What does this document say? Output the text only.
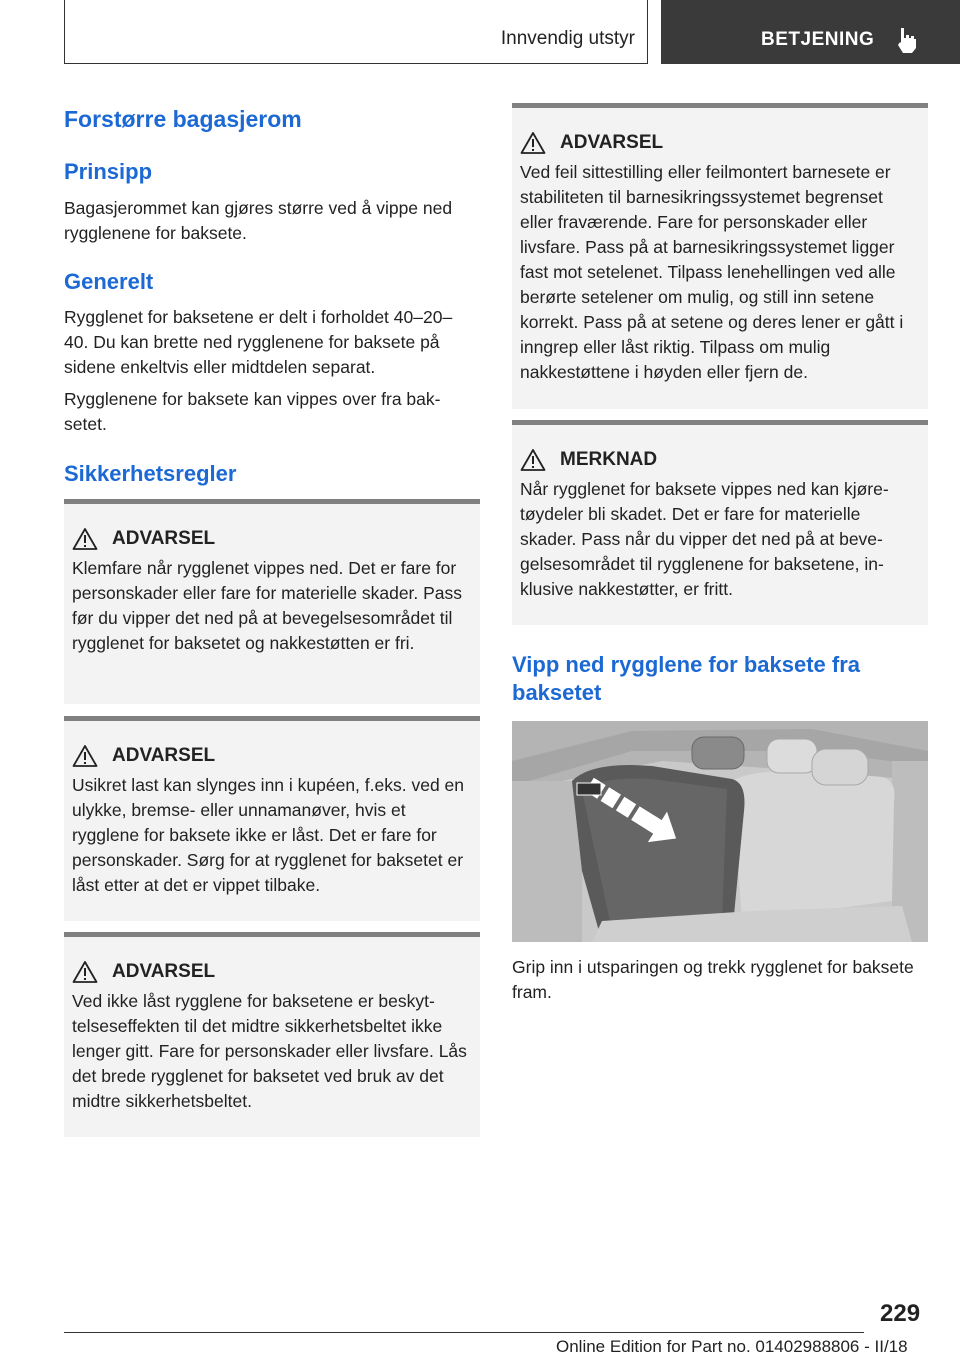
Innvendig utstyr	BETJENING
Forstørre bagasjerom
Prinsipp

Bagasjerommet kan gjøres større ved å vippe ned rygglenene for baksete.

Generelt

Rygglenet for baksetene er delt i forholdet 40–20–40. Du kan brette ned rygglenene for baksete på sidene enkeltvis eller midtdelen separat.

Rygglenene for baksete kan vippes over fra baksetet.

Sikkerhetsregler
ADVARSEL

Klemfare når rygglenet vippes ned. Det er fare for personskader eller fare for materielle skader. Pass før du vipper det ned på at bevegelsesområdet til rygglenet for baksetet og nakkestøtten er fri.

ADVARSEL

Usikret last kan slynges inn i kupéen, f.eks. ved en ulykke, bremse- eller unnamanøver, hvis et rygglene for baksete ikke er låst. Det er fare for personskader. Sørg for at rygglenet for baksetet er låst etter at det er vippet tilbake.

ADVARSEL

Ved ikke låst rygglene for baksetene er beskyttelseseffekten til det midtre sikkerhetsbeltet ikke lenger gitt. Fare for personskader eller livsfare. Lås det brede rygglenet for baksetet ved bruk av det midtre sikkerhetsbeltet.

ADVARSEL

Ved feil sittestilling eller feilmontert barnesete er stabiliteten til barnesikringssystemet begrenset eller fraværende. Fare for personskader eller livsfare. Pass på at barnesikringssystemet ligger fast mot setelenet. Tilpass lenehellingen ved alle berørte setelener om mulig, og still inn setene korrekt. Pass på at setene og deres lener er gått i inngrep eller låst riktig. Tilpass om mulig nakkestøttene i høyden eller fjern de.

MERKNAD

Når rygglenet for baksete vippes ned kan kjøretøydeler bli skadet. Det er fare for materielle skader. Pass når du vipper det ned på at bevegelsesområdet til rygglenene for baksetene, inklusive nakkestøtter, er fritt.

Vipp ned rygglene for baksete fra baksetet

Grip inn i utsparingen og trekk rygglenet for baksete fram.

229
Online Edition for Part no. 01402988806 - II/18
